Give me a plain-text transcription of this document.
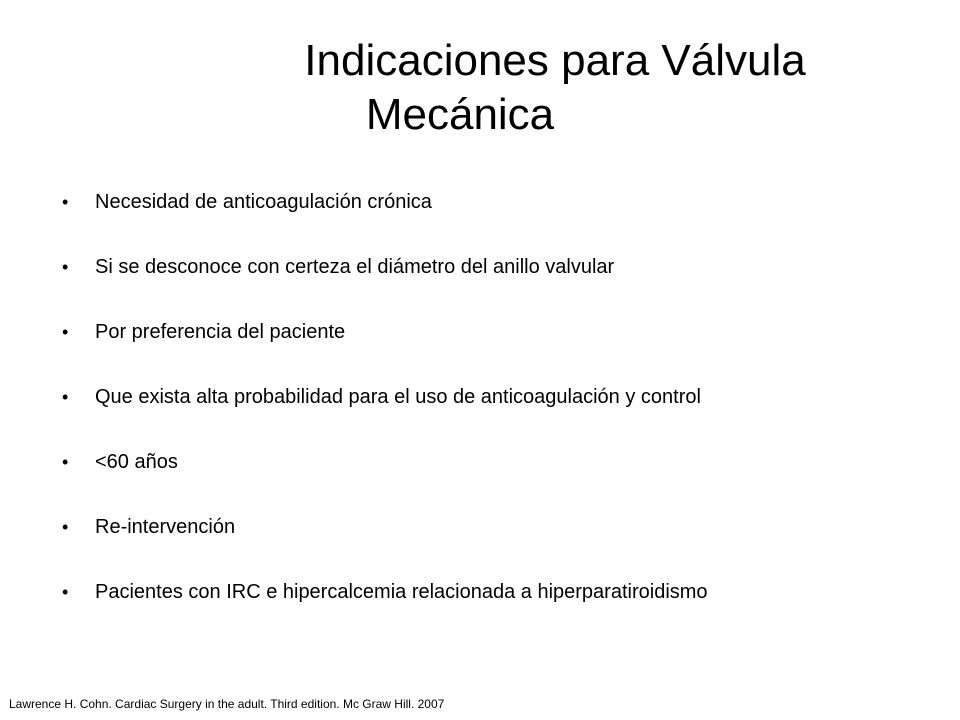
Indicaciones para Válvula
Mecánica
•	Necesidad de anticoagulación crónica
•	Si se desconoce con certeza el diámetro del anillo valvular
•	Por preferencia del paciente
•	Que exista alta probabilidad para el uso de anticoagulación y control
•	<60 años
•	Re-intervención
•	Pacientes con IRC e hipercalcemia relacionada a hiperparatiroidismo
Lawrence H. Cohn. Cardiac Surgery in the adult. Third edition. Mc Graw Hill. 2007
